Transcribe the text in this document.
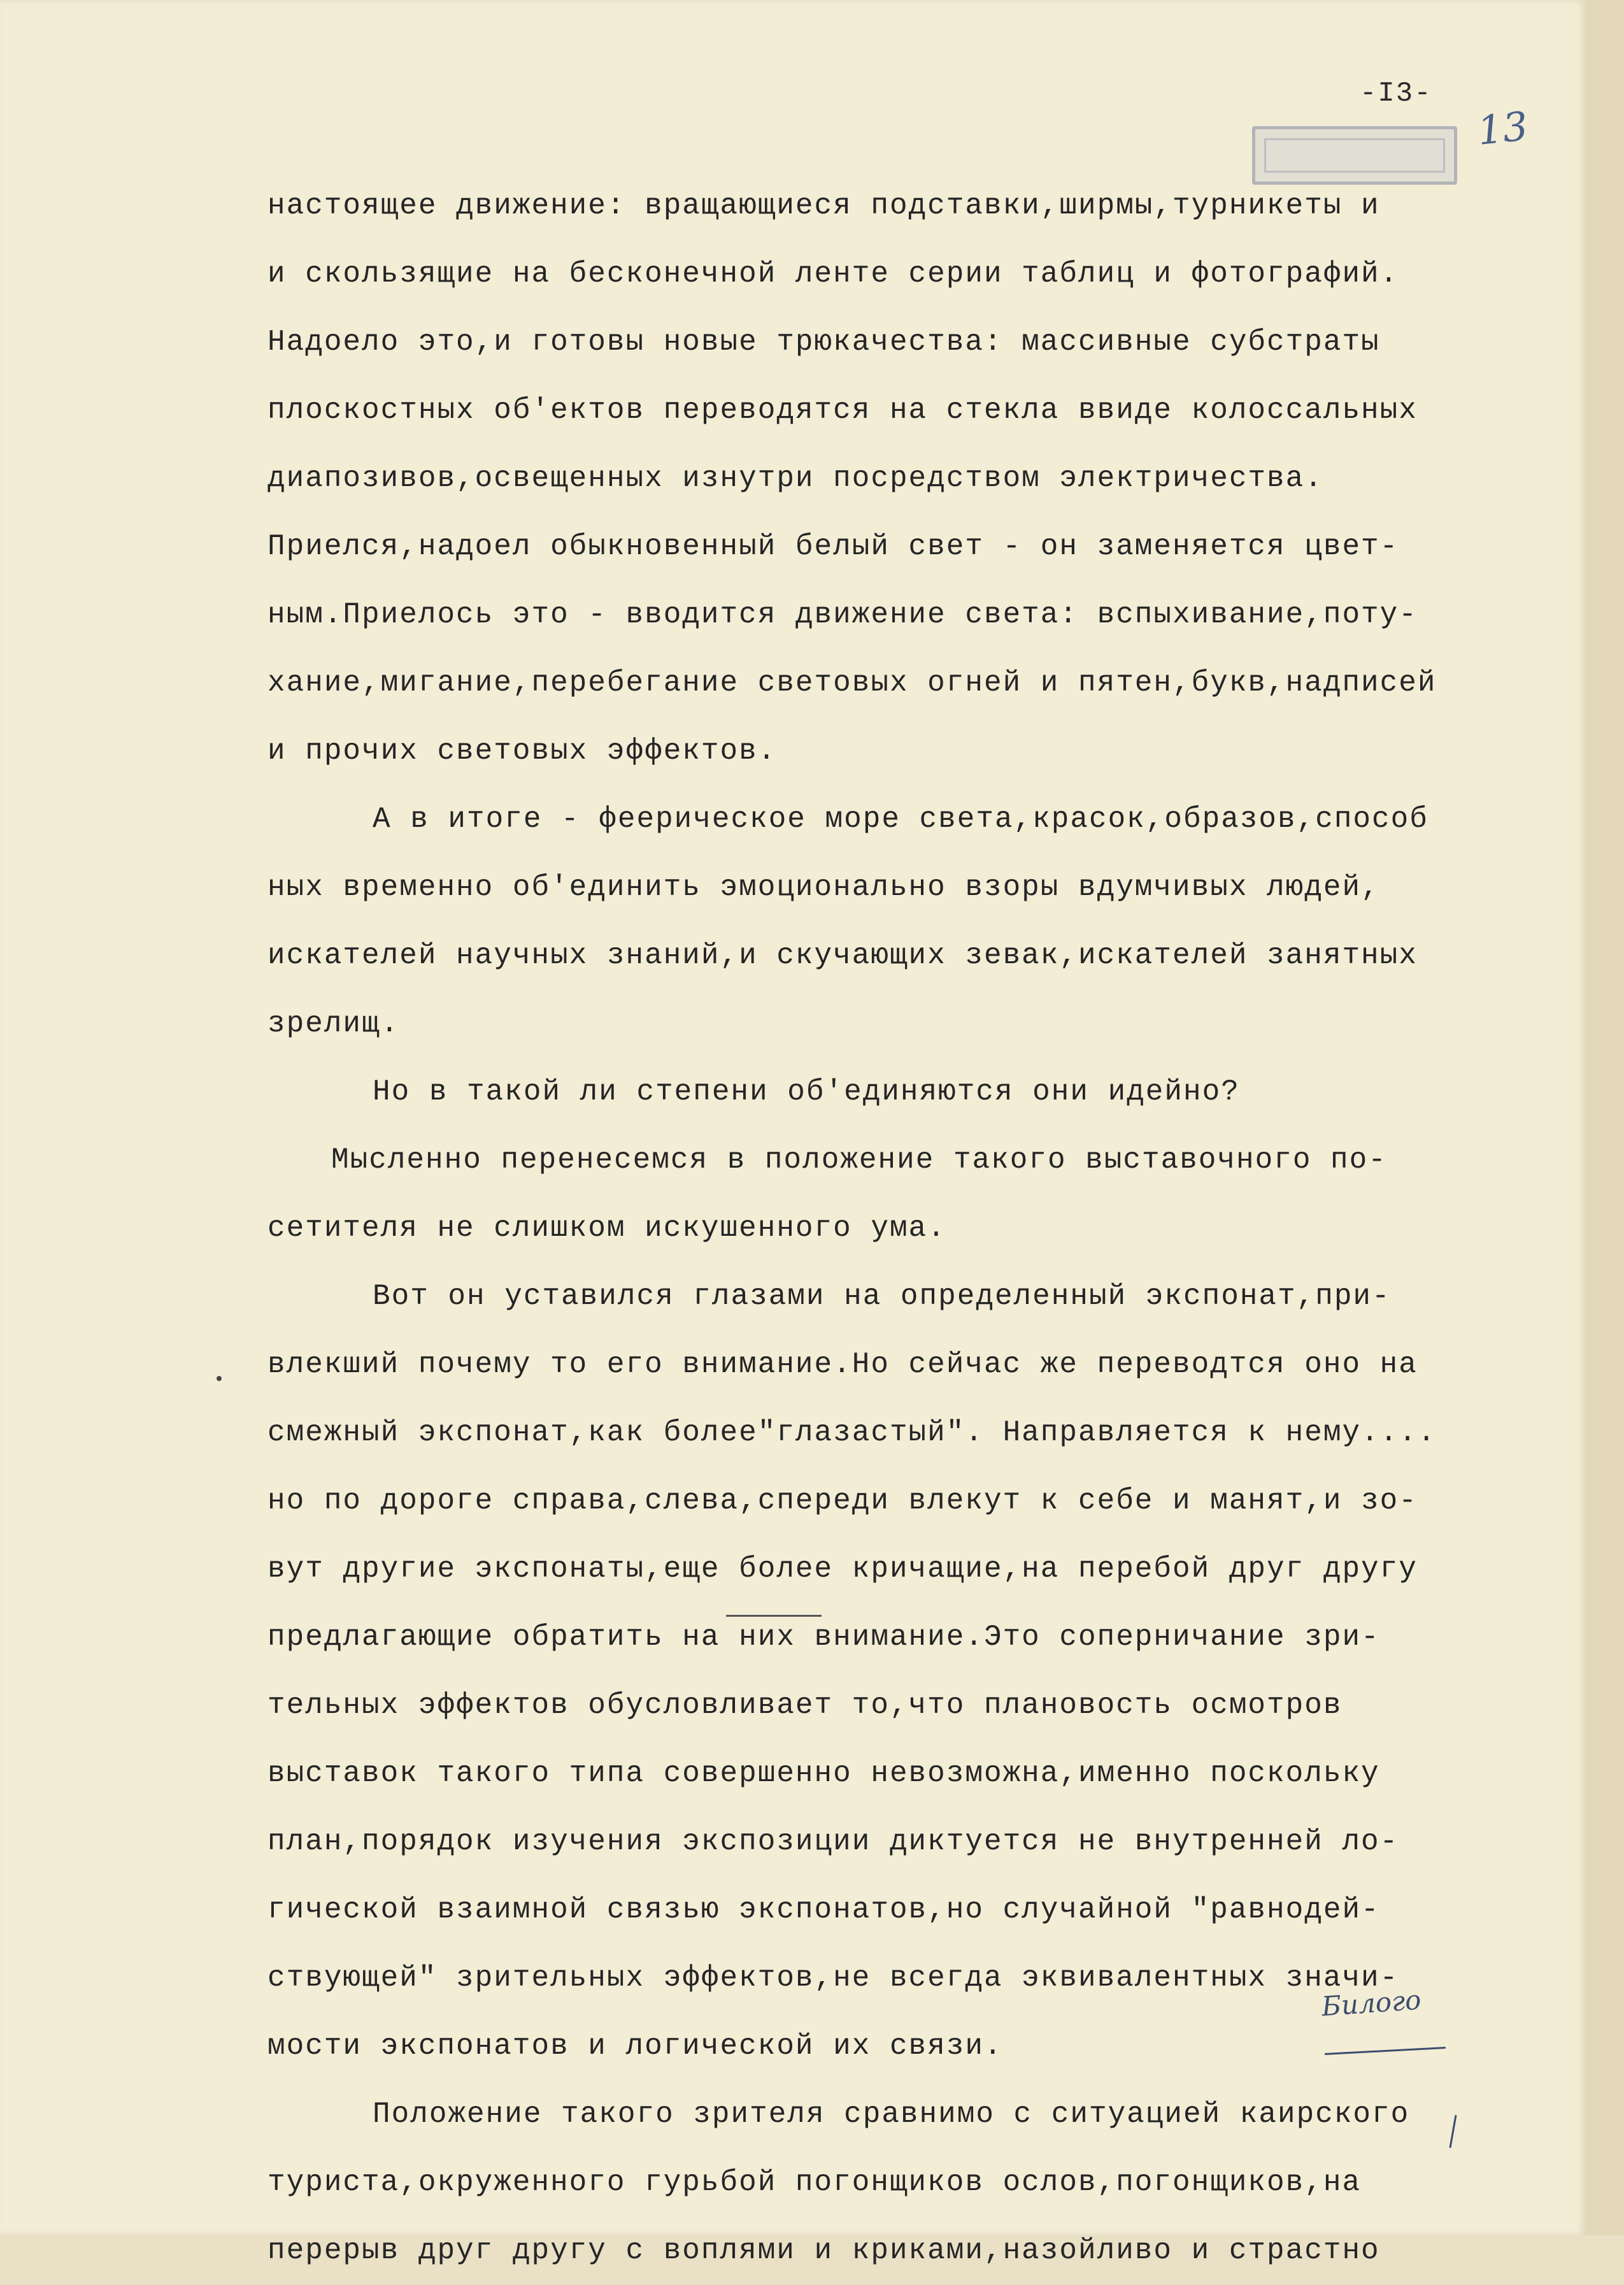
-I3-
13
настоящее движение: вращающиеся подставки,ширмы,турникеты и
и скользящие на бесконечной ленте серии таблиц и фотографий.
Надоело это,и готовы новые трюкачества: массивные субстраты
плоскостных об'ектов переводятся на стекла ввиде колоссальных
диапозивов,освещенных изнутри посредством электричества.
Приелся,надоел обыкновенный белый свет - он заменяется цвет-
ным.Приелось это - вводится движение света: вспыхивание,поту-
хание,мигание,перебегание световых огней и пятен,букв,надписей
и прочих световых эффектов.
А в итоге - феерическое море света,красок,образов,способ
ных временно об'единить эмоционально взоры вдумчивых людей,
искателей научных знаний,и скучающих зевак,искателей занятных
зрелищ.
Но в такой ли степени об'единяются они идейно?
Мысленно перенесемся в положение такого выставочного по-
сетителя не слишком искушенного ума.
Вот он уставился глазами на определенный экспонат,при-
влекший почему то его внимание.Но сейчас же переводтся оно на
смежный экспонат,как более"глазастый". Направляется к нему....
но по дороге справа,слева,спереди влекут к себе и манят,и зо-
вут другие экспонаты,еще более кричащие,на перебой друг другу
предлагающие обратить на них внимание.Это соперничание зри-
тельных эффектов обусловливает то,что плановость осмотров
выставок такого типа совершенно невозможна,именно поскольку
план,порядок изучения экспозиции диктуется не внутренней ло-
гической взаимной связью экспонатов,но случайной "равнодей-
ствующей" зрительных эффектов,не всегда эквивалентных значи-
мости экспонатов и логической их связи.
Положение такого зрителя сравнимо с ситуацией каирского
туриста,окруженного гурьбой погонщиков ослов,погонщиков,на
перерыв друг другу с воплями и криками,назойливо и страстно
Билого
